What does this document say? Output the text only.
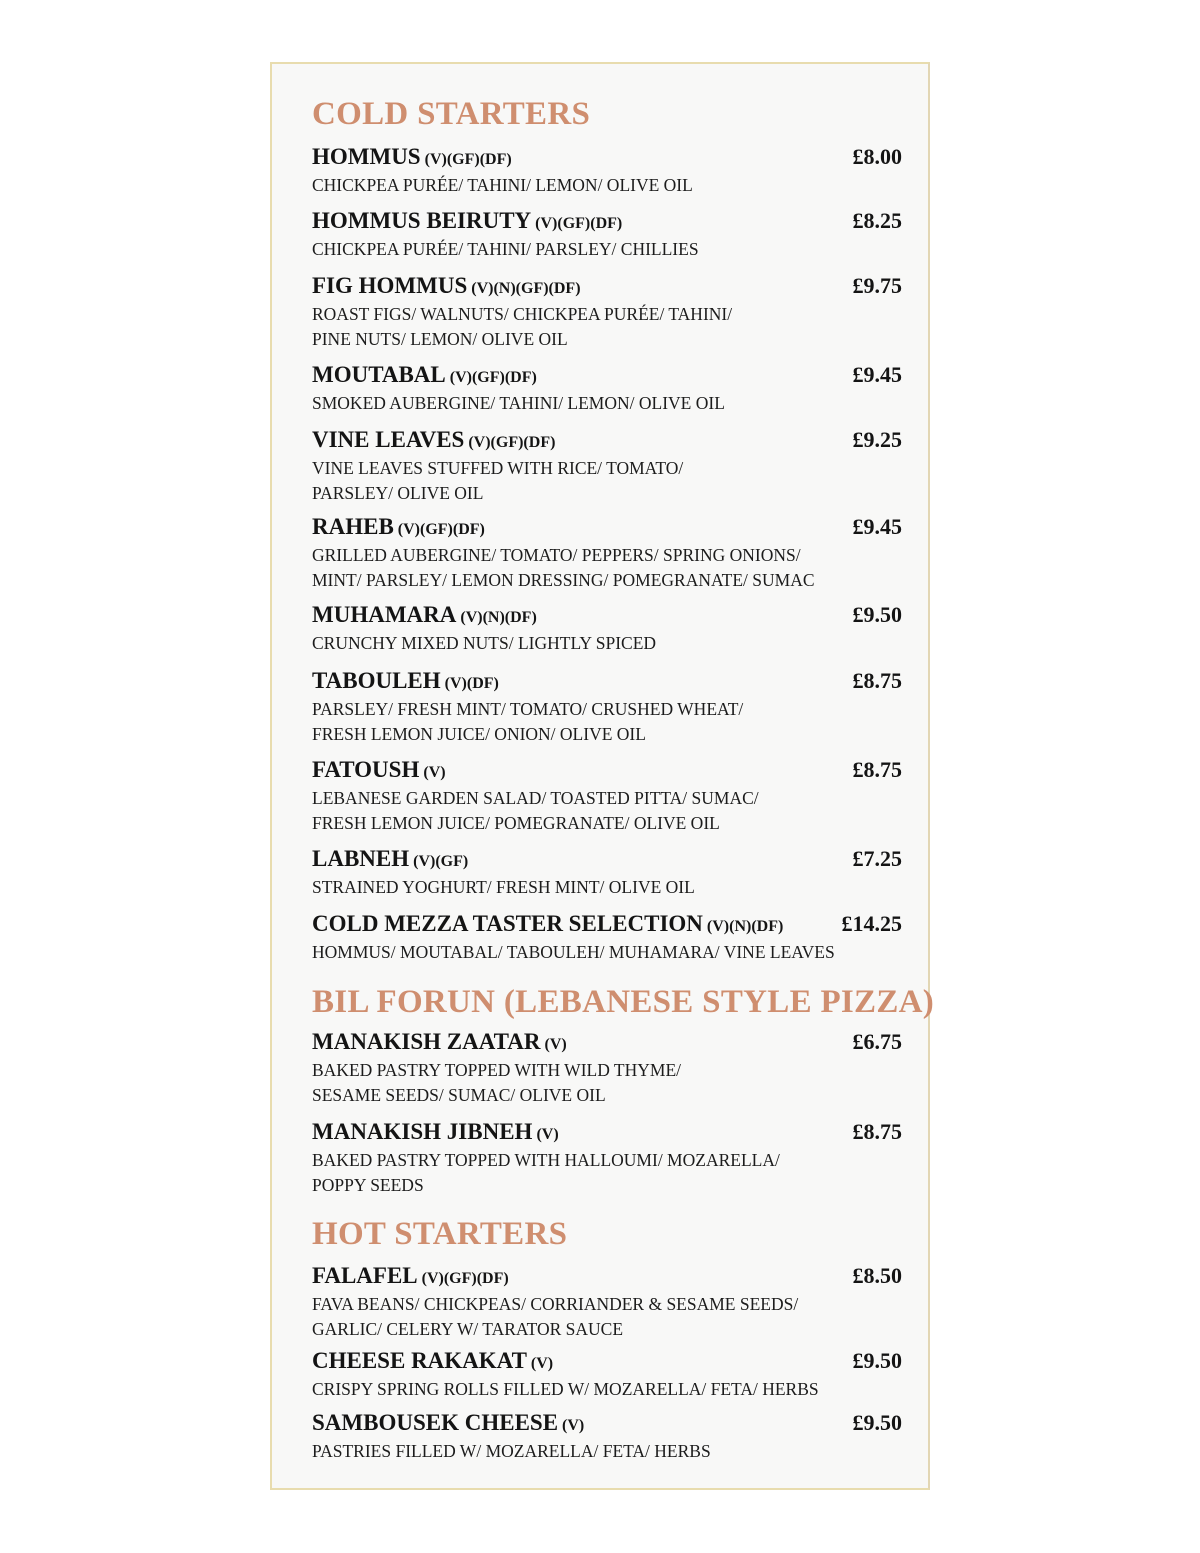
COLD STARTERS
HOMMUS (V)(GF)(DF)	£8.00
CHICKPEA PURÉE/ TAHINI/ LEMON/ OLIVE OIL
HOMMUS BEIRUTY (V)(GF)(DF)	£8.25
CHICKPEA PURÉE/ TAHINI/ PARSLEY/ CHILLIES
FIG HOMMUS (V)(N)(GF)(DF)	£9.75
ROAST FIGS/ WALNUTS/ CHICKPEA PURÉE/ TAHINI/
PINE NUTS/ LEMON/ OLIVE OIL
MOUTABAL (V)(GF)(DF)	£9.45
SMOKED AUBERGINE/ TAHINI/ LEMON/ OLIVE OIL
VINE LEAVES (V)(GF)(DF)	£9.25
VINE LEAVES STUFFED WITH RICE/ TOMATO/
PARSLEY/ OLIVE OIL
RAHEB (V)(GF)(DF)	£9.45
GRILLED AUBERGINE/ TOMATO/ PEPPERS/ SPRING ONIONS/
MINT/ PARSLEY/ LEMON DRESSING/ POMEGRANATE/ SUMAC
MUHAMARA (V)(N)(DF)	£9.50
CRUNCHY MIXED NUTS/ LIGHTLY SPICED
TABOULEH (V)(DF)	£8.75
PARSLEY/ FRESH MINT/ TOMATO/ CRUSHED WHEAT/
FRESH LEMON JUICE/ ONION/ OLIVE OIL
FATOUSH (V)	£8.75
LEBANESE GARDEN SALAD/ TOASTED PITTA/ SUMAC/
FRESH LEMON JUICE/ POMEGRANATE/ OLIVE OIL
LABNEH (V)(GF)	£7.25
STRAINED YOGHURT/ FRESH MINT/ OLIVE OIL
COLD MEZZA TASTER SELECTION (V)(N)(DF)	£14.25
HOMMUS/ MOUTABAL/ TABOULEH/ MUHAMARA/ VINE LEAVES
BIL FORUN (LEBANESE STYLE PIZZA)
MANAKISH ZAATAR (V)	£6.75
BAKED PASTRY TOPPED WITH WILD THYME/
SESAME SEEDS/ SUMAC/ OLIVE OIL
MANAKISH JIBNEH (V)	£8.75
BAKED PASTRY TOPPED WITH HALLOUMI/ MOZARELLA/
POPPY SEEDS
HOT STARTERS
FALAFEL (V)(GF)(DF)	£8.50
FAVA BEANS/ CHICKPEAS/ CORRIANDER & SESAME SEEDS/
GARLIC/ CELERY W/ TARATOR SAUCE
CHEESE RAKAKAT (V)	£9.50
CRISPY SPRING ROLLS FILLED W/ MOZARELLA/ FETA/ HERBS
SAMBOUSEK CHEESE (V)	£9.50
PASTRIES FILLED W/ MOZARELLA/ FETA/ HERBS
